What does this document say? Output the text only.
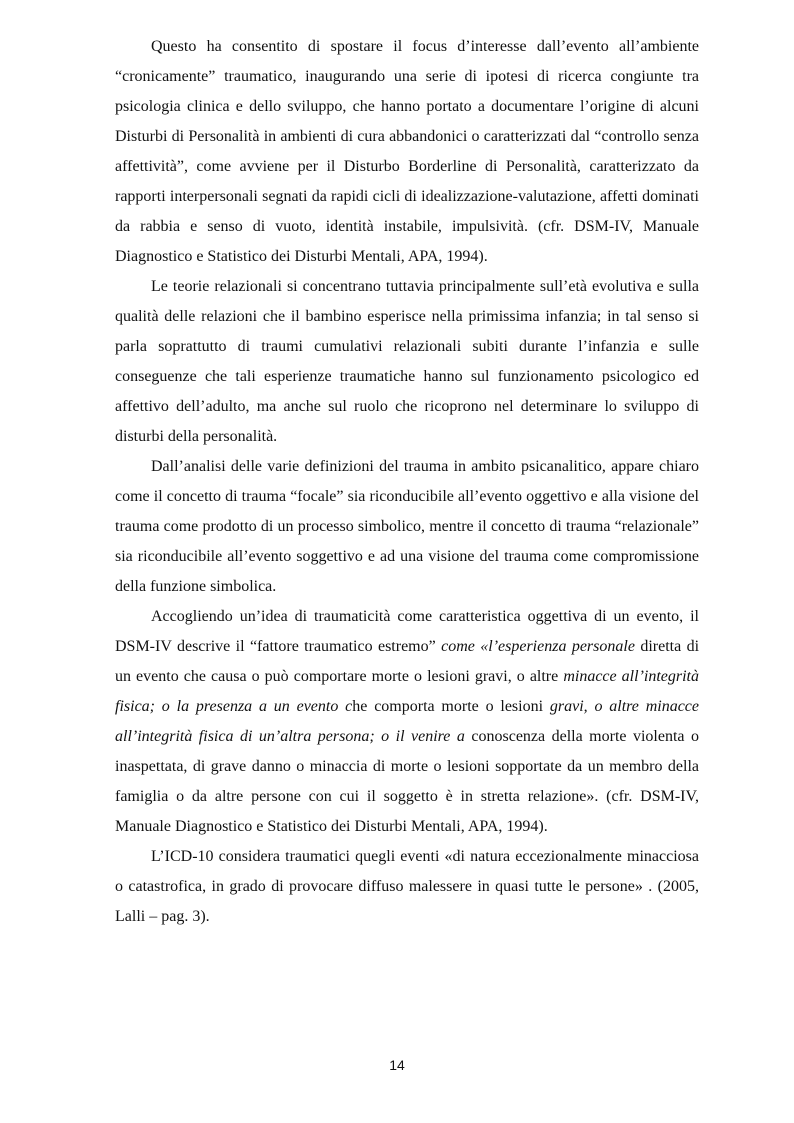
Questo ha consentito di spostare il focus d’interesse dall’evento all’ambiente “cronicamente” traumatico, inaugurando una serie di ipotesi di ricerca congiunte tra psicologia clinica e dello sviluppo, che hanno portato a documentare l’origine di alcuni Disturbi di Personalità in ambienti di cura abbandonici o caratterizzati dal “controllo senza affettività”, come avviene per il Disturbo Borderline di Personalità, caratterizzato da rapporti interpersonali segnati da rapidi cicli di idealizzazione-valutazione, affetti dominati da rabbia e senso di vuoto, identità instabile, impulsività. (cfr. DSM-IV, Manuale Diagnostico e Statistico dei Disturbi Mentali, APA, 1994).

Le teorie relazionali si concentrano tuttavia principalmente sull’età evolutiva e sulla qualità delle relazioni che il bambino esperisce nella primissima infanzia; in tal senso si parla soprattutto di traumi cumulativi relazionali subiti durante l’infanzia e sulle conseguenze che tali esperienze traumatiche hanno sul funzionamento psicologico ed affettivo dell’adulto, ma anche sul ruolo che ricoprono nel determinare lo sviluppo di disturbi della personalità.

Dall’analisi delle varie definizioni del trauma in ambito psicanalitico, appare chiaro come il concetto di trauma “focale” sia riconducibile all’evento oggettivo e alla visione del trauma come prodotto di un processo simbolico, mentre il concetto di trauma “relazionale” sia riconducibile all’evento soggettivo e ad una visione del trauma come compromissione della funzione simbolica.

Accogliendo un’idea di traumaticità come caratteristica oggettiva di un evento, il DSM-IV descrive il “fattore traumatico estremo” come «l’esperienza personale diretta di un evento che causa o può comportare morte o lesioni gravi, o altre minacce all’integrità fisica; o la presenza a un evento che comporta morte o lesioni gravi, o altre minacce all’integrità fisica di un’altra persona; o il venire a conoscenza della morte violenta o inaspettata, di grave danno o minaccia di morte o lesioni sopportate da un membro della famiglia o da altre persone con cui il soggetto è in stretta relazione». (cfr. DSM-IV, Manuale Diagnostico e Statistico dei Disturbi Mentali, APA, 1994).

L’ICD-10 considera traumatici quegli eventi «di natura eccezionalmente minacciosa o catastrofica, in grado di provocare diffuso malessere in quasi tutte le persone» . (2005, Lalli – pag. 3).

14
